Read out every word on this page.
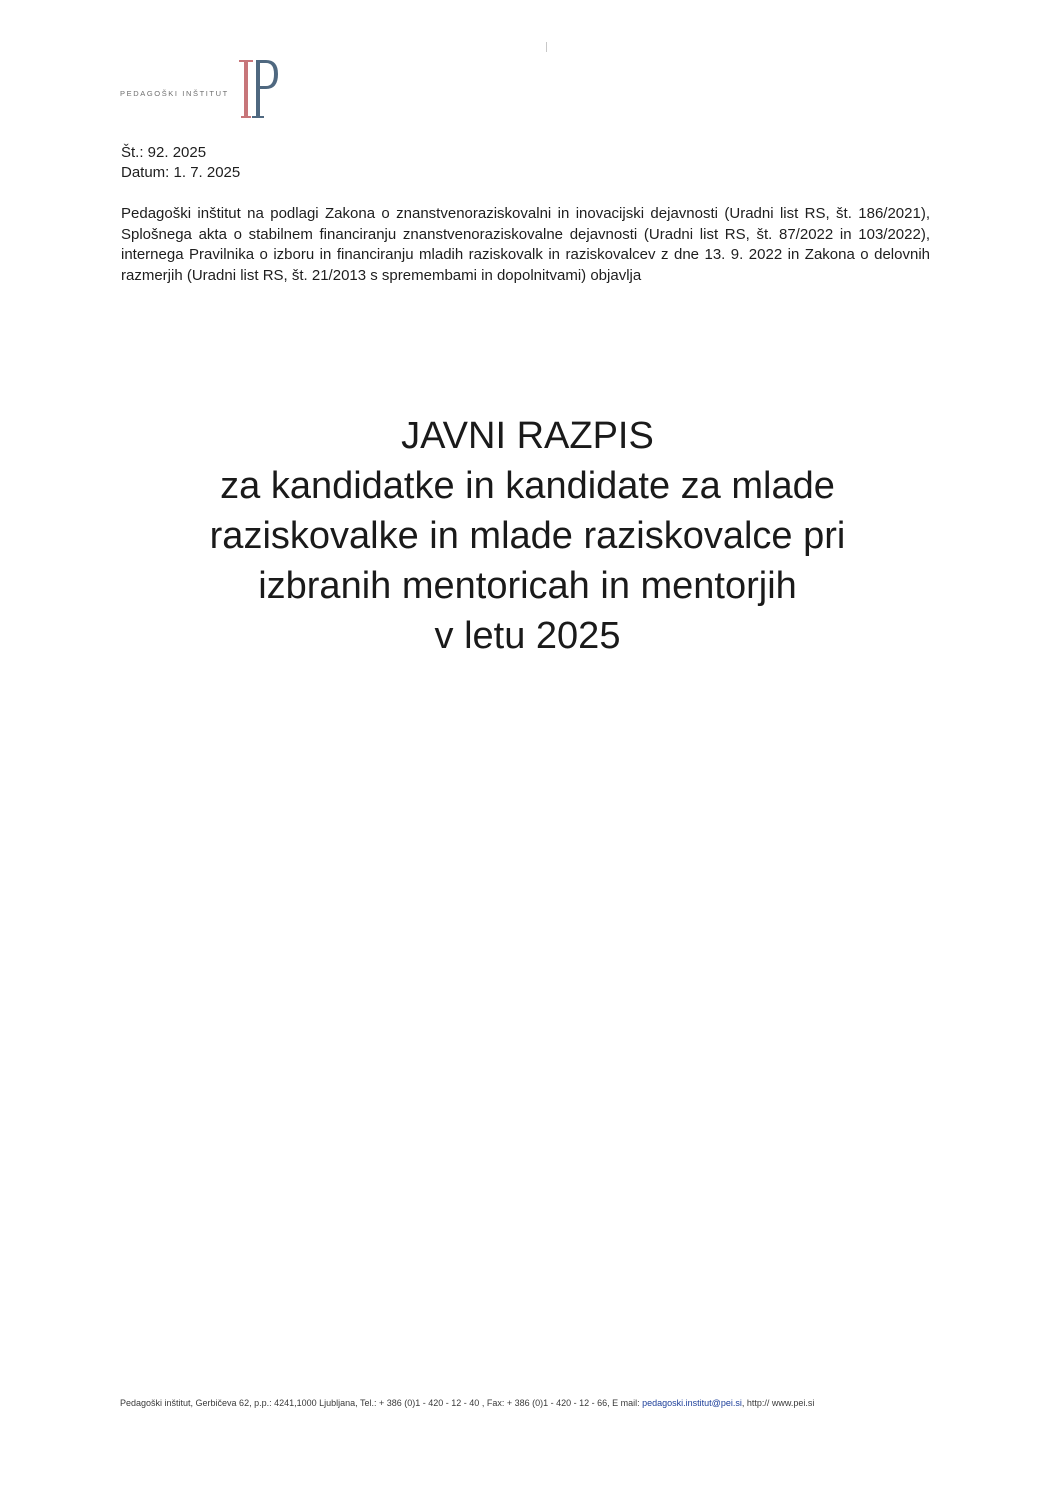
PEDAGOŠKI INŠTITUT
Št.: 92. 2025
Datum: 1. 7. 2025

Pedagoški inštitut na podlagi Zakona o znanstvenoraziskovalni in inovacijski dejavnosti (Uradni list RS, št. 186/2021), Splošnega akta o stabilnem financiranju znanstvenoraziskovalne dejavnosti (Uradni list RS, št. 87/2022 in 103/2022), internega Pravilnika o izboru in financiranju mladih raziskovalk in raziskovalcev z dne 13. 9. 2022 in Zakona o delovnih razmerjih (Uradni list RS, št. 21/2013 s spremembami in dopolnitvami) objavlja

JAVNI RAZPIS
za kandidatke in kandidate za mlade
raziskovalke in mlade raziskovalce pri
izbranih mentoricah in mentorjih
v letu 2025
Pedagoški inštitut, Gerbičeva 62, p.p.: 4241,1000 Ljubljana, Tel.: + 386 (0)1 - 420 - 12 - 40 , Fax: + 386 (0)1 - 420 - 12 - 66, E mail: pedagoski.institut@pei.si, http:// www.pei.si
